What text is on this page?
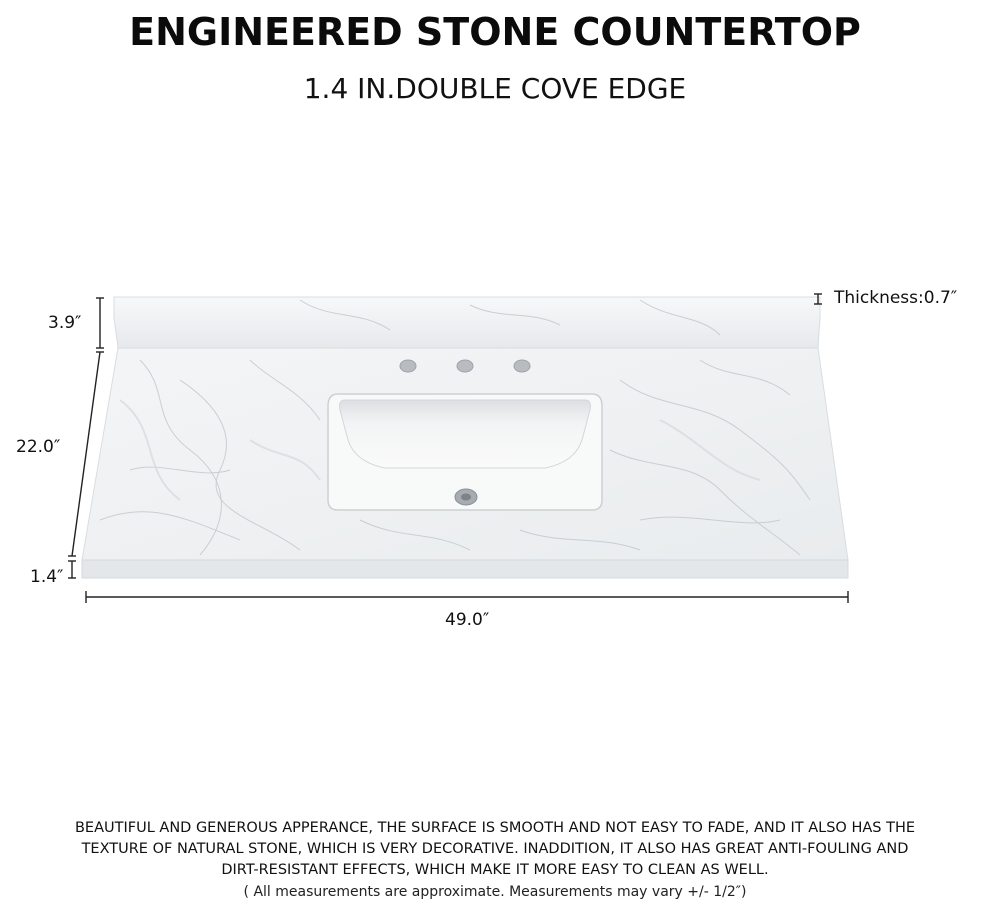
ENGINEERED STONE COUNTERTOP
1.4 IN.DOUBLE COVE EDGE
3.9″
22.0″
1.4″
49.0″
Thickness:0.7″
BEAUTIFUL AND GENEROUS APPERANCE, THE SURFACE IS SMOOTH AND NOT EASY TO FADE, AND IT ALSO HAS THE
TEXTURE OF NATURAL STONE, WHICH IS VERY DECORATIVE. INADDITION, IT ALSO HAS GREAT ANTI-FOULING AND
DIRT-RESISTANT EFFECTS, WHICH MAKE IT MORE EASY TO CLEAN AS WELL.
( All measurements are approximate. Measurements may vary +/- 1/2″)
